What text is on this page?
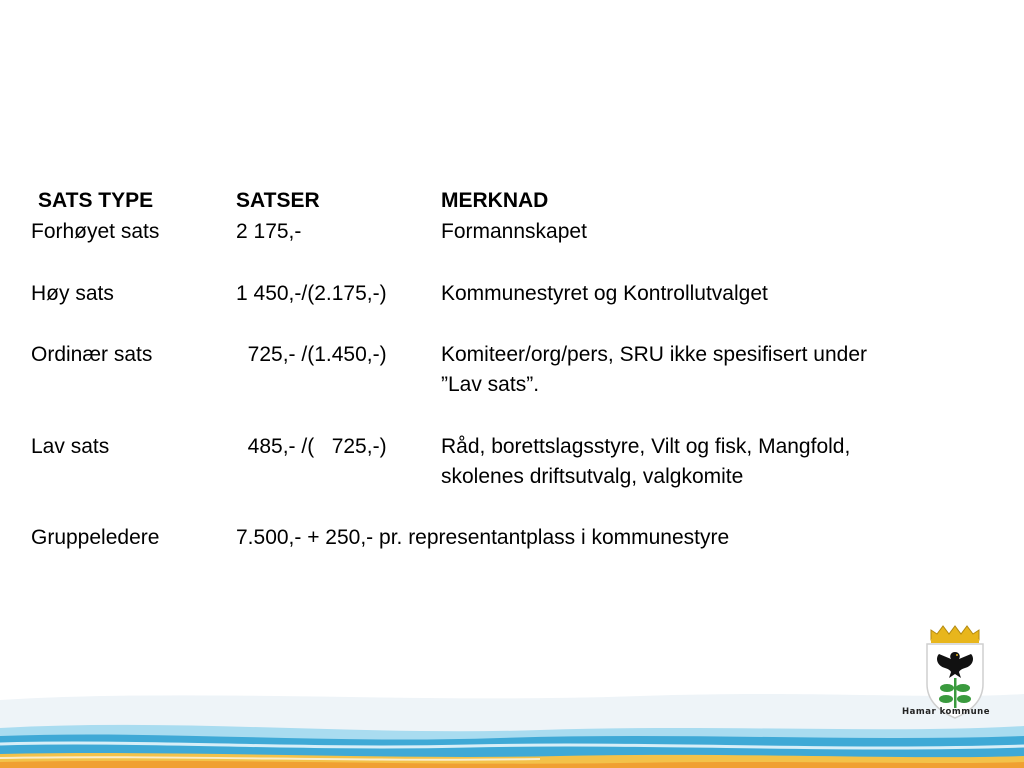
SATS TYPE	SATSER	MERKNAD
Forhøyet sats	2 175,-	Formannskapet
Høy sats	1 450,-/(2.175,-)	Kommunestyret og Kontrollutvalget
Ordinær sats	725,- /(1.450,-)	Komiteer/org/pers, SRU ikke spesifisert under
”Lav sats”.
Lav sats	485,- /(   725,-)	Råd, borettslagsstyre, Vilt og fisk, Mangfold,
skolenes driftsutvalg, valgkomite
Gruppeledere	7.500,- + 250,- pr. representantplass i kommunestyre
Hamar kommune
